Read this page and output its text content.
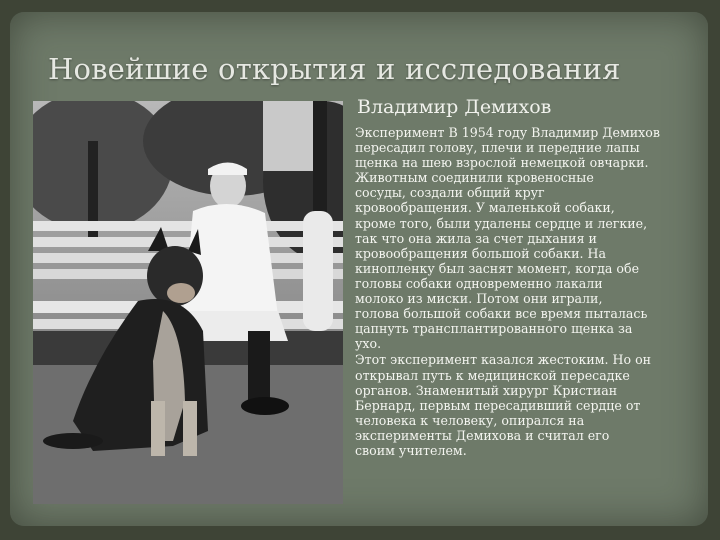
Новейшие открытия и исследования
Владимир Демихов

Эксперимент В 1954 году Владимир Демихов
пересадил голову, плечи и передние лапы
щенка на шею взрослой немецкой овчарки.
Животным соединили кровеносные
сосуды, создали общий круг
кровообращения. У маленькой собаки,
кроме того, были удалены сердце и легкие,
так что она жила за счет дыхания и
кровообращения большой собаки. На
кинопленку был заснят момент, когда обе
головы собаки одновременно лакали
молоко из миски. Потом они играли,
голова большой собаки все время пыталась
цапнуть трансплантированного щенка за
ухо.

Этот эксперимент казался жестоким. Но он
открывал путь к медицинской пересадке
органов. Знаменитый хирург Кристиан
Бернард, первым пересадивший сердце от
человека к человеку, опирался на
эксперименты Демихова и считал его
своим учителем.
